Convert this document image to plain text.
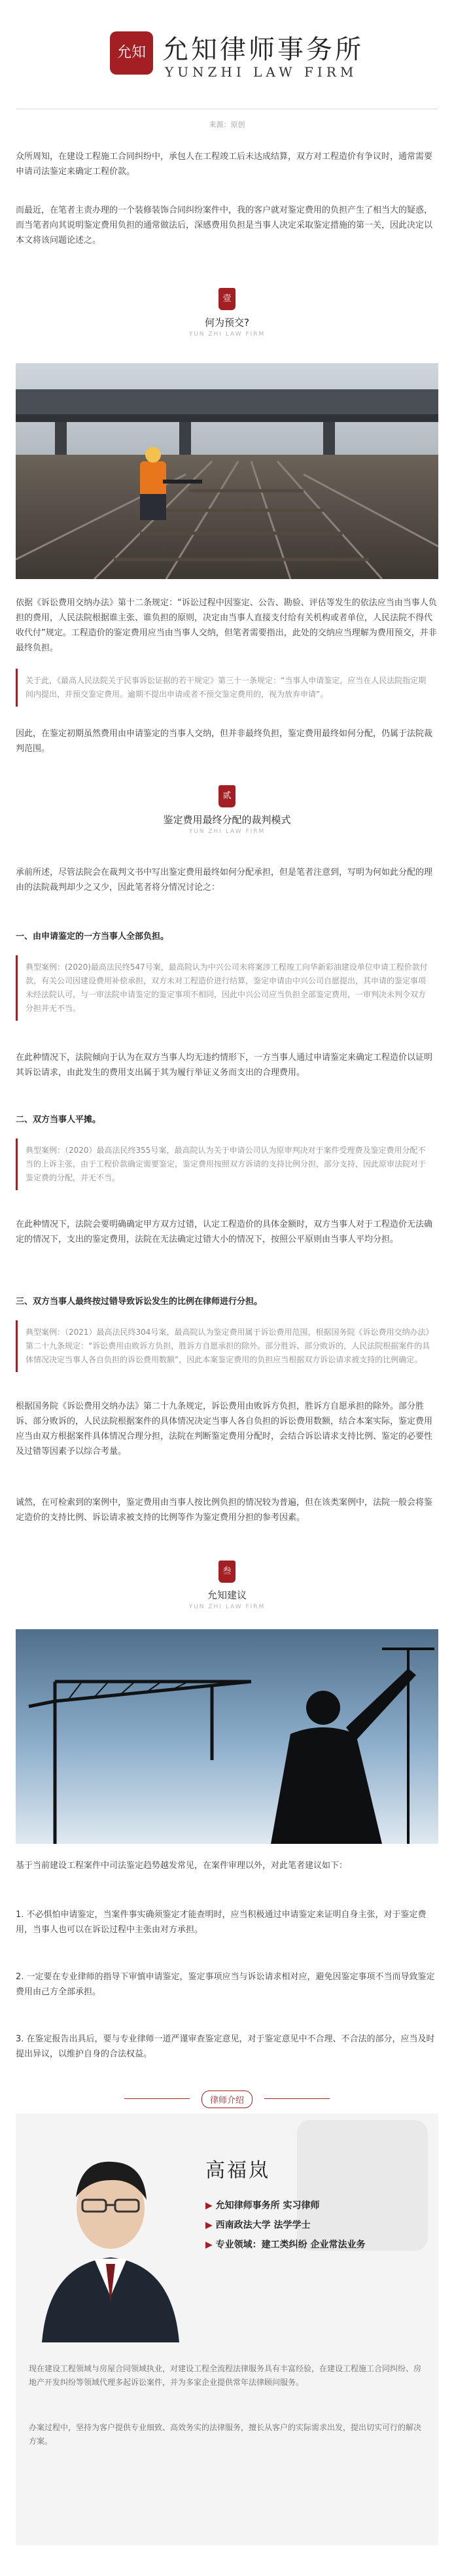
允知 允知律师事务所
YUNZHI LAW FIRM
来源：原创

众所周知，在建设工程施工合同纠纷中，承包人在工程竣工后未达成结算，双方对工程造价有争议时，通常需要申请司法鉴定来确定工程价款。

而最近，在笔者主责办理的一个装修装饰合同纠纷案件中，我的客户就对鉴定费用的负担产生了相当大的疑惑，而当笔者向其说明鉴定费用负担的通常做法后，深感费用负担是当事人决定采取鉴定措施的第一关，因此决定以本文将该问题论述之。

壹
何为预交?
YUN ZHI LAW FIRM

依据《诉讼费用交纳办法》第十二条规定：“诉讼过程中因鉴定、公告、勘验、评估等发生的依法应当由当事人负担的费用，人民法院根据谁主张、谁负担的原则，决定由当事人直接支付给有关机构或者单位，人民法院不得代收代付”规定。工程造价的鉴定费用应当由当事人交纳，但笔者需要指出，此处的交纳应当理解为费用预交，并非最终负担。

关于此，《最高人民法院关于民事诉讼证据的若干规定》第三十一条规定：“当事人申请鉴定，应当在人民法院指定期间内提出，并预交鉴定费用。逾期不提出申请或者不预交鉴定费用的，视为放弃申请”。

因此，在鉴定初期虽然费用由申请鉴定的当事人交纳，但并非最终负担，鉴定费用最终如何分配，仍属于法院裁判范围。

贰
鉴定费用最终分配的裁判模式
YUN ZHI LAW FIRM

承前所述，尽管法院会在裁判文书中写出鉴定费用最终如何分配承担，但是笔者注意到，写明为何如此分配的理由的法院裁判却少之又少，因此笔者将分情况讨论之：

一、由申请鉴定的一方当事人全部负担。

典型案例：(2020)最高法民终547号案，最高院认为中兴公司未将案涉工程竣工向华新彩油建设单位申请工程价款付款，有关公司因建设费用补偿承担，双方未对工程造价进行结算，鉴定申请由中兴公司自愿提出，其申请的鉴定事项未经法院认可，与一审法院申请鉴定的鉴定事项不相同，因此中兴公司应当负担全部鉴定费用，一审判决未判令双方分担并无不当。

在此种情况下，法院倾向于认为在双方当事人均无违约情形下，一方当事人通过申请鉴定来确定工程造价以证明其诉讼请求，由此发生的费用支出属于其为履行举证义务而支出的合理费用。

二、双方当事人平摊。

典型案例：（2020）最高法民终355号案，最高院认为关于申请公司认为原审判决对于案件受理费及鉴定费用分配不当的上诉主张，由于工程价款确定需要鉴定，鉴定费用按照双方诉请的支持比例分担，部分支持，因此原审法院对于鉴定费的分配，并无不当。

在此种情况下，法院会要明确确定甲方双方过错，认定工程造价的具体金额时，双方当事人对于工程造价无法确定的情况下，支出的鉴定费用，法院在无法确定过错大小的情况下，按照公平原则由当事人平均分担。

三、双方当事人最终按过错导致诉讼发生的比例在律师进行分担。

典型案例：（2021）最高法民终304号案，最高院认为鉴定费用属于诉讼费用范围，根据国务院《诉讼费用交纳办法》第二十九条规定：“诉讼费用由败诉方负担，胜诉方自愿承担的除外。部分胜诉、部分败诉的，人民法院根据案件的具体情况决定当事人各自负担的诉讼费用数额”，因此本案鉴定费用的负担应当根据双方诉讼请求被支持的比例确定。

根据国务院《诉讼费用交纳办法》第二十九条规定，诉讼费用由败诉方负担，胜诉方自愿承担的除外。部分胜诉、部分败诉的，人民法院根据案件的具体情况决定当事人各自负担的诉讼费用数额，结合本案实际，鉴定费用应当由双方根据案件具体情况合理分担，法院在判断鉴定费用分配时，会结合诉讼请求支持比例、鉴定的必要性及过错等因素予以综合考量。

诚然，在可检索到的案例中，鉴定费用由当事人按比例负担的情况较为普遍，但在该类案例中，法院一般会将鉴定造价的支持比例、诉讼请求被支持的比例等作为鉴定费用分担的参考因素。

叁
允知建议
YUN ZHI LAW FIRM

基于当前建设工程案件中司法鉴定趋势越发常见，在案件审理以外，对此笔者建议如下：

1. 不必惧怕申请鉴定，当案件事实确须鉴定才能查明时，应当积极通过申请鉴定来证明自身主张，对于鉴定费用，当事人也可以在诉讼过程中主张由对方承担。

2. 一定要在专业律师的指导下审慎申请鉴定，鉴定事项应当与诉讼请求相对应，避免因鉴定事项不当而导致鉴定费用由己方全部承担。

3. 在鉴定报告出具后，要与专业律师一道严谨审查鉴定意见，对于鉴定意见中不合理、不合法的部分，应当及时提出异议，以维护自身的合法权益。

律师介绍
高福岚
▶ 允知律师事务所 实习律师
▶ 西南政法大学 法学学士
▶ 专业领域：建工类纠纷 企业常法业务

现在建设工程领域与房屋合同领域执业，对建设工程全流程法律服务具有丰富经验，在建设工程施工合同纠纷、房地产开发纠纷等领域代理多起诉讼案件，并为多家企业提供常年法律顾问服务。

办案过程中，坚持为客户提供专业细致、高效务实的法律服务，擅长从客户的实际需求出发，提出切实可行的解决方案。
